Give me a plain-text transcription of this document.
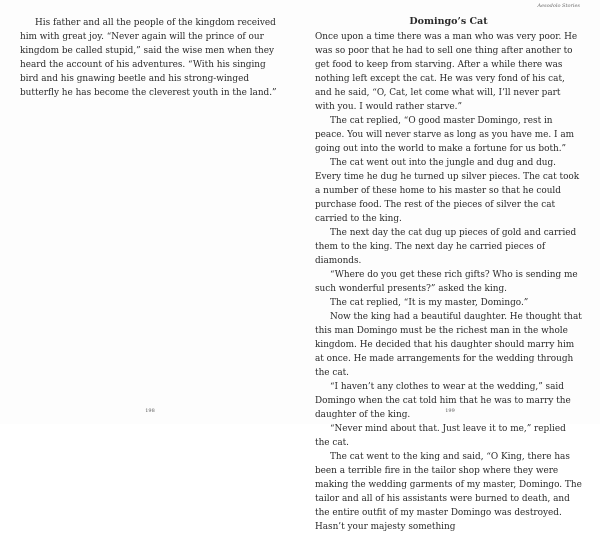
198
Aesodolo Stories
199

His father and all the people of the kingdom received him with great joy. “Never again will the prince of our kingdom be called stupid,” said the wise men when they heard the account of his adventures. “With his singing bird and his gnawing beetle and his strong-winged butterfly he has become the cleverest youth in the land.”

Domingo’s Cat

Once upon a time there was a man who was very poor. He was so poor that he had to sell one thing after another to get food to keep from starving. After a while there was nothing left except the cat. He was very fond of his cat, and he said, “O, Cat, let come what will, I’ll never part with you. I would rather starve.”

The cat replied, “O good master Domingo, rest in peace. You will never starve as long as you have me. I am going out into the world to make a fortune for us both.”

The cat went out into the jungle and dug and dug. Every time he dug he turned up silver pieces. The cat took a number of these home to his master so that he could purchase food. The rest of the pieces of silver the cat carried to the king.

The next day the cat dug up pieces of gold and carried them to the king. The next day he carried pieces of diamonds.

“Where do you get these rich gifts? Who is sending me such wonderful presents?” asked the king.

The cat replied, “It is my master, Domingo.”

Now the king had a beautiful daughter. He thought that this man Domingo must be the richest man in the whole kingdom. He decided that his daughter should marry him at once. He made arrangements for the wedding through the cat.

“I haven’t any clothes to wear at the wedding,” said Domingo when the cat told him that he was to marry the daughter of the king.

“Never mind about that. Just leave it to me,” replied the cat.

The cat went to the king and said, “O King, there has been a terrible fire in the tailor shop where they were making the wedding garments of my master, Domingo. The tailor and all of his assistants were burned to death, and the entire outfit of my master Domingo was destroyed. Hasn’t your majesty something
